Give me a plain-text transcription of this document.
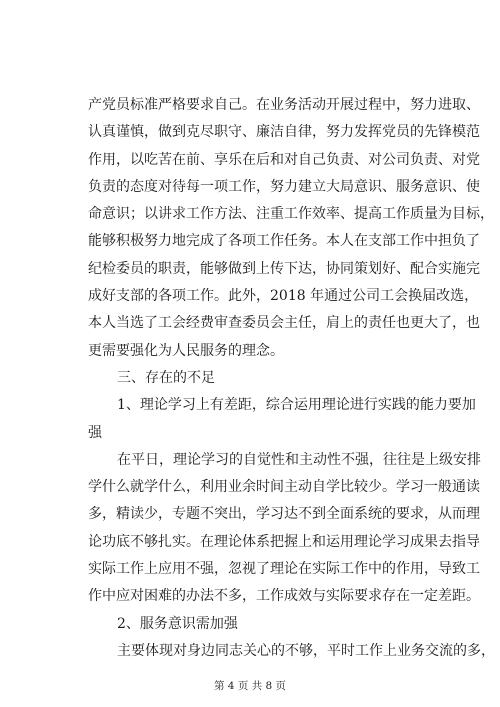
产党员标准严格要求自己。在业务活动开展过程中，努力进取、
认真谨慎，做到克尽职守、廉洁自律，努力发挥党员的先锋模范
作用，以吃苦在前、享乐在后和对自己负责、对公司负责、对党
负责的态度对待每一项工作，努力建立大局意识、服务意识、使
命意识；以讲求工作方法、注重工作效率、提高工作质量为目标，
能够积极努力地完成了各项工作任务。本人在支部工作中担负了
纪检委员的职责，能够做到上传下达，协同策划好、配合实施完
成好支部的各项工作。此外，2018 年通过公司工会换届改选，
本人当选了工会经费审查委员会主任，肩上的责任也更大了，也
更需要强化为人民服务的理念。
三、存在的不足
1、理论学习上有差距，综合运用理论进行实践的能力要加
强
在平日，理论学习的自觉性和主动性不强，往往是上级安排
学什么就学什么，利用业余时间主动自学比较少。学习一般通读
多，精读少，专题不突出，学习达不到全面系统的要求，从而理
论功底不够扎实。在理论体系把握上和运用理论学习成果去指导
实际工作上应用不强，忽视了理论在实际工作中的作用，导致工
作中应对困难的办法不多，工作成效与实际要求存在一定差距。
2、服务意识需加强
主要体现对身边同志关心的不够，平时工作上业务交流的多，
第 4 页 共 8 页
